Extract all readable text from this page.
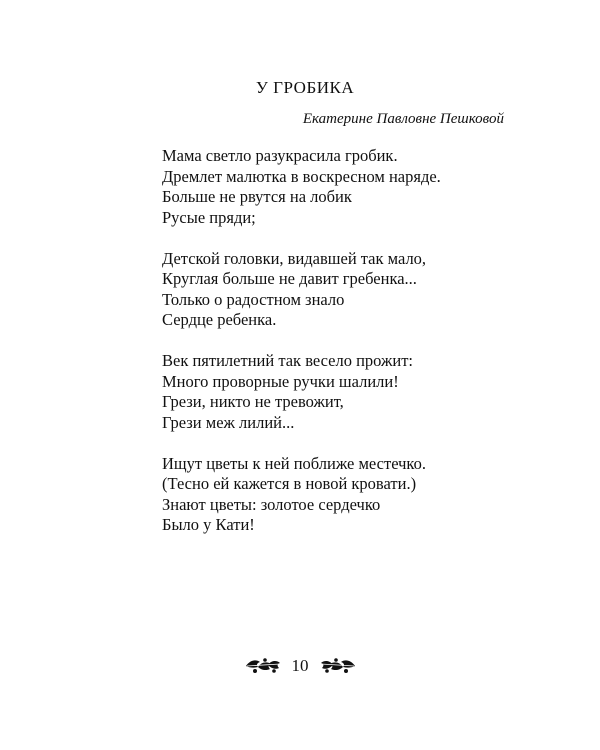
У ГРОБИКА
Екатерине Павловне Пешковой
Мама светло разукрасила гробик.
Дремлет малютка в воскресном наряде.
Больше не рвутся на лобик
Русые пряди;
Детской головки, видавшей так мало,
Круглая больше не давит гребенка...
Только о радостном знало
Сердце ребенка.
Век пятилетний так весело прожит:
Много проворные ручки шалили!
Грези, никто не тревожит,
Грези меж лилий...
Ищут цветы к ней поближе местечко.
(Тесно ей кажется в новой кровати.)
Знают цветы: золотое сердечко
Было у Кати!
10
